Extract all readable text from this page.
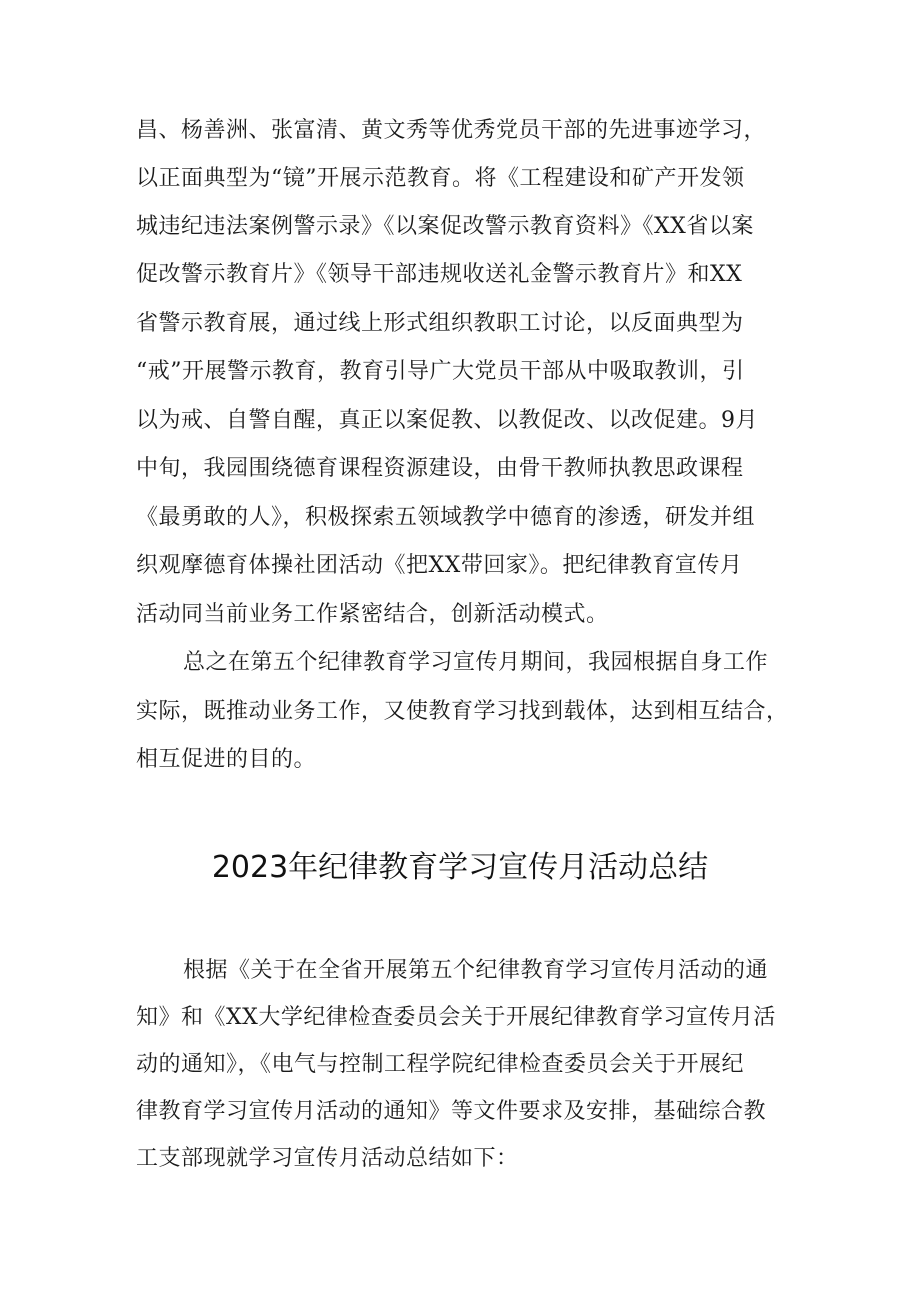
昌、杨善洲、张富清、黄文秀等优秀党员干部的先进事迹学习，
以正面典型为“镜”开展示范教育。将《工程建设和矿产开发领
城违纪违法案例警示录》《以案促改警示教育资料》《XX省以案
促改警示教育片》《领导干部违规收送礼金警示教育片》和XX
省警示教育展，通过线上形式组织教职工讨论，以反面典型为
“戒”开展警示教育，教育引导广大党员干部从中吸取教训，引
以为戒、自警自醒，真正以案促教、以教促改、以改促建。9月
中旬，我园围绕德育课程资源建设，由骨干教师执教思政课程
《最勇敢的人》，积极探索五领域教学中德育的渗透，研发并组
织观摩德育体操社团活动《把XX带回家》。把纪律教育宣传月
活动同当前业务工作紧密结合，创新活动模式。
总之在第五个纪律教育学习宣传月期间，我园根据自身工作
实际，既推动业务工作，又使教育学习找到载体，达到相互结合，
相互促进的目的。
2023年纪律教育学习宣传月活动总结
根据《关于在全省开展第五个纪律教育学习宣传月活动的通
知》和《XX大学纪律检查委员会关于开展纪律教育学习宣传月活
动的通知》，《电气与控制工程学院纪律检查委员会关于开展纪
律教育学习宣传月活动的通知》等文件要求及安排，基础综合教
工支部现就学习宣传月活动总结如下：
